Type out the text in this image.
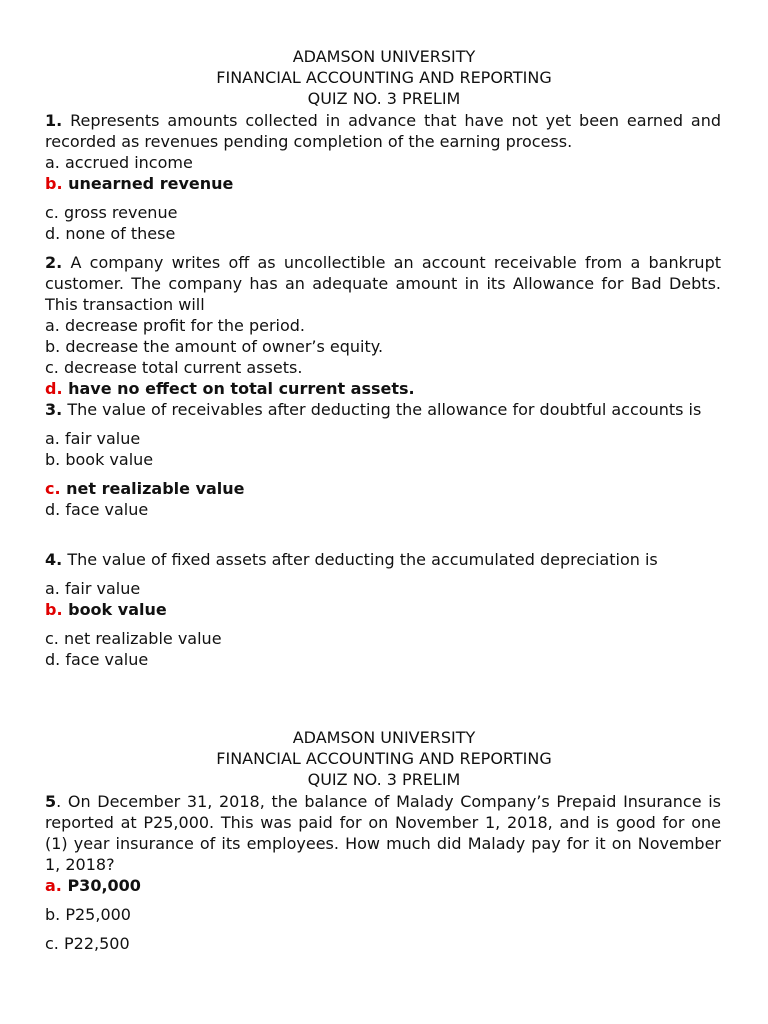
ADAMSON UNIVERSITY
FINANCIAL ACCOUNTING AND REPORTING
QUIZ NO. 3 PRELIM

1. Represents amounts collected in advance that have not yet been earned and recorded as revenues pending completion of the earning process.

a. accrued income

b. unearned revenue

c. gross revenue

d. none of these

2. A company writes off as uncollectible an account receivable from a bankrupt customer. The company has an adequate amount in its Allowance for Bad Debts. This transaction will

a. decrease profit for the period.

b. decrease the amount of owner’s equity.

c. decrease total current assets.

d. have no effect on total current assets.

3. The value of receivables after deducting the allowance for doubtful accounts is

a. fair value

b. book value

c. net realizable value

d. face value

4. The value of fixed assets after deducting the accumulated depreciation is

a. fair value

b. book value

c. net realizable value

d. face value

ADAMSON UNIVERSITY
FINANCIAL ACCOUNTING AND REPORTING
QUIZ NO. 3 PRELIM

5. On December 31, 2018, the balance of Malady Company’s Prepaid Insurance is reported at P25,000. This was paid for on November 1, 2018, and is good for one (1) year insurance of its employees. How much did Malady pay for it on November 1, 2018?

a. P30,000

b. P25,000

c. P22,500
